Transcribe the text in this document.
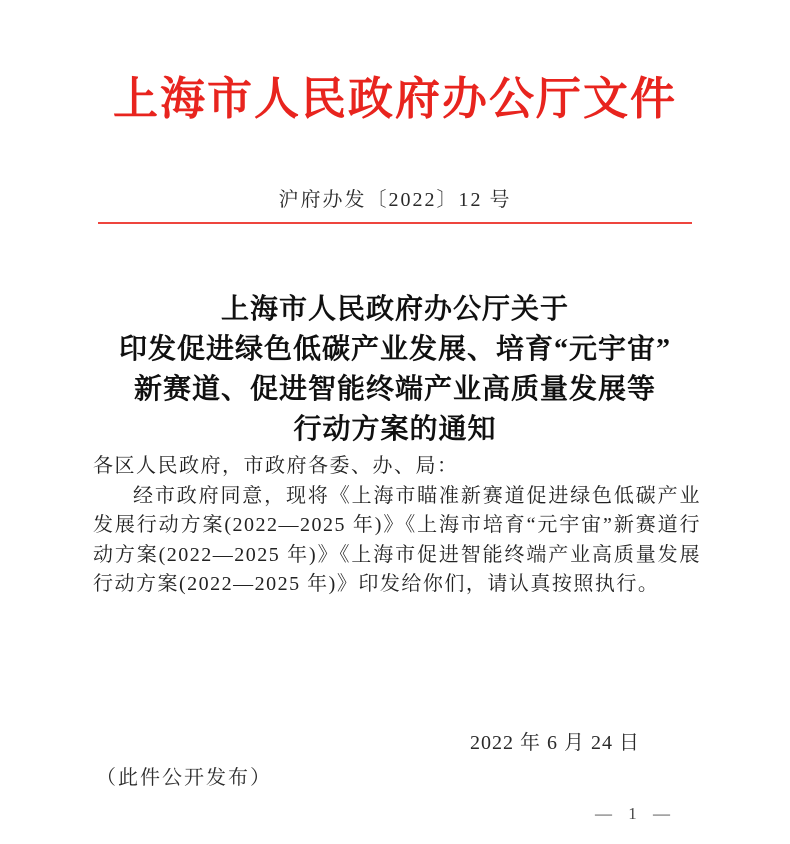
上海市人民政府办公厅文件
沪府办发〔2022〕12 号
上海市人民政府办公厅关于
印发促进绿色低碳产业发展、培育“元宇宙”
新赛道、促进智能终端产业高质量发展等
行动方案的通知

各区人民政府，市政府各委、办、局：

经市政府同意，现将《上海市瞄准新赛道促进绿色低碳产业发展行动方案(2022—2025 年)》《上海市培育“元宇宙”新赛道行动方案(2022—2025 年)》《上海市促进智能终端产业高质量发展行动方案(2022—2025 年)》印发给你们，请认真按照执行。

2022 年 6 月 24 日
（此件公开发布）
— 1 —
